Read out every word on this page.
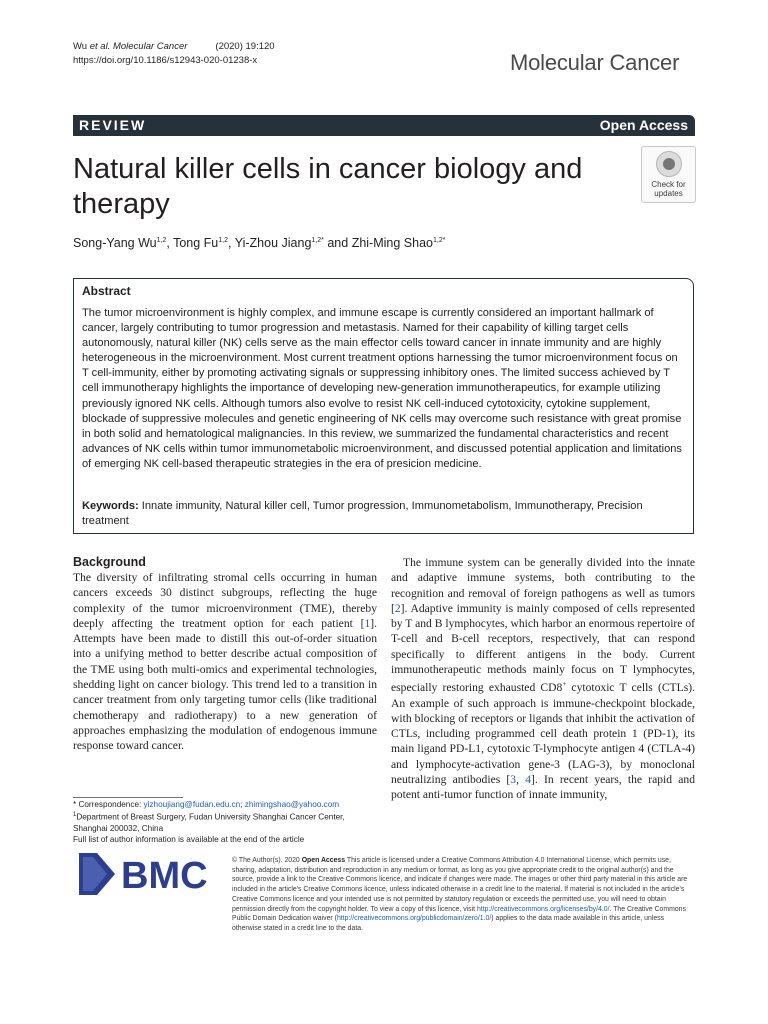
Wu et al. Molecular Cancer	(2020) 19:120
https://doi.org/10.1186/s12943-020-01238-x	Molecular Cancer
REVIEW	Open Access
Natural killer cells in cancer biology and therapy
Check for updates
Song-Yang Wu$^{1,2}$, Tong Fu$^{1,2}$, Yi-Zhou Jiang$^{1,2*}$ and Zhi-Ming Shao$^{1,2*}$
Abstract
The tumor microenvironment is highly complex, and immune escape is currently considered an important hallmark of cancer, largely contributing to tumor progression and metastasis. Named for their capability of killing target cells autonomously, natural killer (NK) cells serve as the main effector cells toward cancer in innate immunity and are highly heterogeneous in the microenvironment. Most current treatment options harnessing the tumor microenvironment focus on T cell-immunity, either by promoting activating signals or suppressing inhibitory ones. The limited success achieved by T cell immunotherapy highlights the importance of developing new-generation immunotherapeutics, for example utilizing previously ignored NK cells. Although tumors also evolve to resist NK cell-induced cytotoxicity, cytokine supplement, blockade of suppressive molecules and genetic engineering of NK cells may overcome such resistance with great promise in both solid and hematological malignancies. In this review, we summarized the fundamental characteristics and recent advances of NK cells within tumor immunometabolic microenvironment, and discussed potential application and limitations of emerging NK cell-based therapeutic strategies in the era of presicion medicine.
Keywords: Innate immunity, Natural killer cell, Tumor progression, Immunometabolism, Immunotherapy, Precision treatment
Background
The diversity of infiltrating stromal cells occurring in human cancers exceeds 30 distinct subgroups, reflecting the huge complexity of the tumor microenvironment (TME), thereby deeply affecting the treatment option for each patient [1]. Attempts have been made to distill this out-of-order situation into a unifying method to better describe actual composition of the TME using both multi-omics and experimental technologies, shedding light on cancer biology. This trend led to a transition in cancer treatment from only targeting tumor cells (like traditional chemotherapy and radiotherapy) to a new generation of approaches emphasizing the modulation of endogenous immune response toward cancer.
The immune system can be generally divided into the innate and adaptive immune systems, both contributing to the recognition and removal of foreign pathogens as well as tumors [2]. Adaptive immunity is mainly composed of cells represented by T and B lymphocytes, which harbor an enormous repertoire of T-cell and B-cell receptors, respectively, that can respond specifically to different antigens in the body. Current immunotherapeutic methods mainly focus on T lymphocytes, especially restoring exhausted CD8+ cytotoxic T cells (CTLs). An example of such approach is immune-checkpoint blockade, with blocking of receptors or ligands that inhibit the activation of CTLs, including programmed cell death protein 1 (PD-1), its main ligand PD-L1, cytotoxic T-lymphocyte antigen 4 (CTLA-4) and lymphocyte-activation gene-3 (LAG-3), by monoclonal neutralizing antibodies [3, 4]. In recent years, the rapid and potent anti-tumor function of innate immunity,
* Correspondence: yizhoujiang@fudan.edu.cn; zhimingshao@yahoo.com
$^1$Department of Breast Surgery, Fudan University Shanghai Cancer Center, Shanghai 200032, China
Full list of author information is available at the end of the article
BMC	© The Author(s). 2020 Open Access This article is licensed under a Creative Commons Attribution 4.0 International License, which permits use, sharing, adaptation, distribution and reproduction in any medium or format, as long as you give appropriate credit to the original author(s) and the source, provide a link to the Creative Commons licence, and indicate if changes were made. The images or other third party material in this article are included in the article's Creative Commons licence, unless indicated otherwise in a credit line to the material. If material is not included in the article's Creative Commons licence and your intended use is not permitted by statutory regulation or exceeds the permitted use, you will need to obtain permission directly from the copyright holder. To view a copy of this licence, visit http://creativecommons.org/licenses/by/4.0/. The Creative Commons Public Domain Dedication waiver (http://creativecommons.org/publicdomain/zero/1.0/) applies to the data made available in this article, unless otherwise stated in a credit line to the data.
